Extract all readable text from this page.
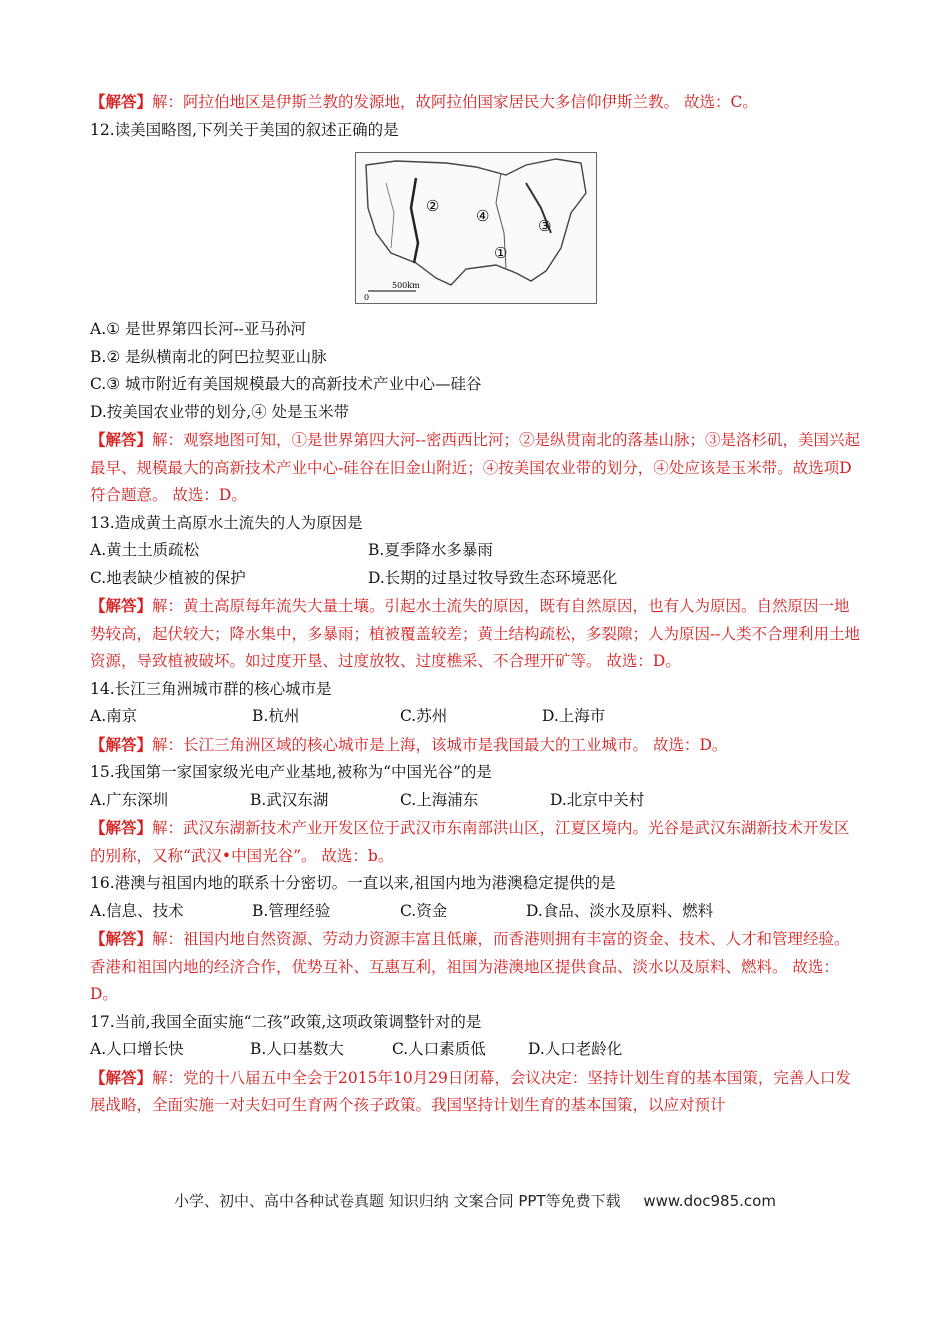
【解答】解：阿拉伯地区是伊斯兰教的发源地，故阿拉伯国家居民大多信仰伊斯兰教。 故选：C。
12.读美国略图,下列关于美国的叙述正确的是
②
④
③
①
0
500km
A.① 是世界第四长河--亚马孙河
B.② 是纵横南北的阿巴拉契亚山脉
C.③ 城市附近有美国规模最大的高新技术产业中心—硅谷
D.按美国农业带的划分,④ 处是玉米带
【解答】解：观察地图可知，①是世界第四大河--密西西比河；②是纵贯南北的落基山脉；③是洛杉矶，美国兴起最早、规模最大的高新技术产业中心-硅谷在旧金山附近；④按美国农业带的划分，④处应该是玉米带。故选项D符合题意。 故选：D。
13.造成黄土高原水土流失的人为原因是
A.黄土土质疏松	B.夏季降水多暴雨
C.地表缺少植被的保护	D.长期的过垦过牧导致生态环境恶化
【解答】解：黄土高原每年流失大量土壤。引起水土流失的原因，既有自然原因，也有人为原因。自然原因一地势较高，起伏较大；降水集中，多暴雨；植被覆盖较差；黄土结构疏松，多裂隙；人为原因--人类不合理利用土地资源，导致植被破坏。如过度开垦、过度放牧、过度樵采、不合理开矿等。 故选：D。
14.长江三角洲城市群的核心城市是
A.南京	B.杭州	C.苏州	D.上海市
【解答】解：长江三角洲区域的核心城市是上海，该城市是我国最大的工业城市。 故选：D。
15.我国第一家国家级光电产业基地,被称为“中国光谷”的是
A.广东深圳	B.武汉东湖	C.上海浦东	D.北京中关村
【解答】解：武汉东湖新技术产业开发区位于武汉市东南部洪山区，江夏区境内。光谷是武汉东湖新技术开发区的别称，又称“武汉•中国光谷”。 故选：b。
16.港澳与祖国内地的联系十分密切。一直以来,祖国内地为港澳稳定提供的是
A.信息、技术	B.管理经验	C.资金	D.食品、淡水及原料、燃料
【解答】解：祖国内地自然资源、劳动力资源丰富且低廉，而香港则拥有丰富的资金、技术、人才和管理经验。香港和祖国内地的经济合作，优势互补、互惠互利，祖国为港澳地区提供食品、淡水以及原料、燃料。 故选：D。
17.当前,我国全面实施“二孩”政策,这项政策调整针对的是
A.人口增长快	B.人口基数大	C.人口素质低	D.人口老龄化
【解答】解：党的十八届五中全会于2015年10月29日闭幕，会议决定：坚持计划生育的基本国策，完善人口发展战略，全面实施一对夫妇可生育两个孩子政策。我国坚持计划生育的基本国策，以应对预计
小学、初中、高中各种试卷真题 知识归纳 文案合同 PPT等免费下载 www.doc985.com
